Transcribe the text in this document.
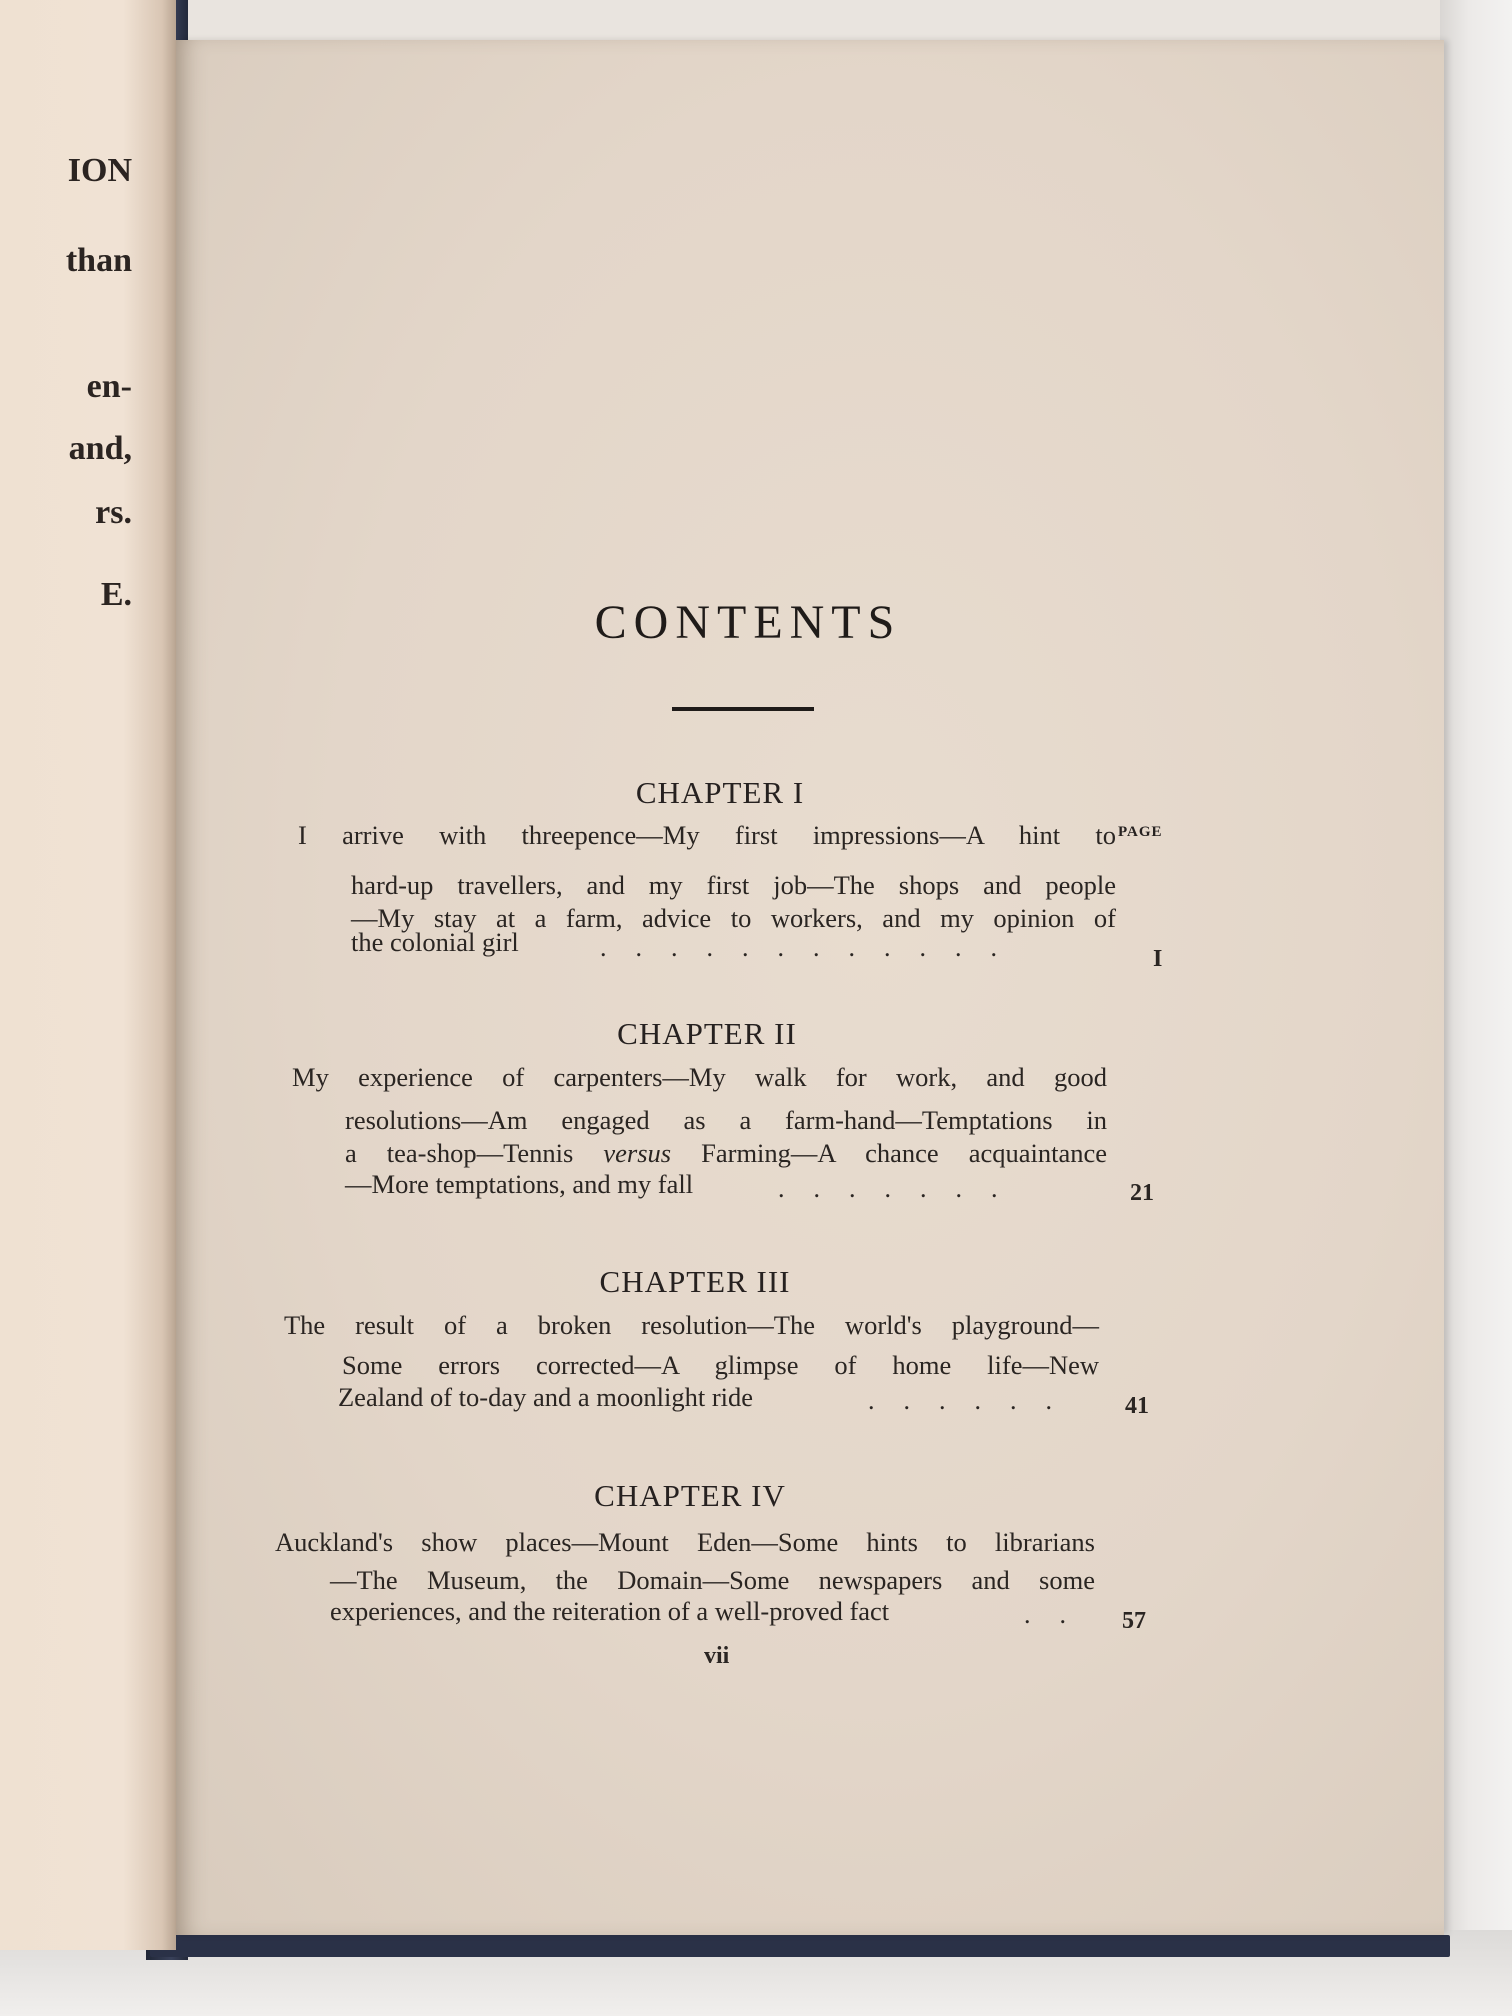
ION
than
en-
and,
rs.
E.
CONTENTS
PAGE
CHAPTER I
I arrive with threepence—My first impressions—A hint to
hard-up travellers, and my first job—The shops and people
—My stay at a farm, advice to workers, and my opinion of
the colonial girl	............	I
CHAPTER II
My experience of carpenters—My walk for work, and good
resolutions—Am engaged as a farm-hand—Temptations in
a tea-shop—Tennis versus Farming—A chance acquaintance
—More temptations, and my fall	.......	21
CHAPTER III
The result of a broken resolution—The world's playground—
Some errors corrected—A glimpse of home life—New
Zealand of to-day and a moonlight ride	...... 41
CHAPTER IV
Auckland's show places—Mount Eden—Some hints to librarians
—The Museum, the Domain—Some newspapers and some
experiences, and the reiteration of a well-proved fact	.. 57
vii
